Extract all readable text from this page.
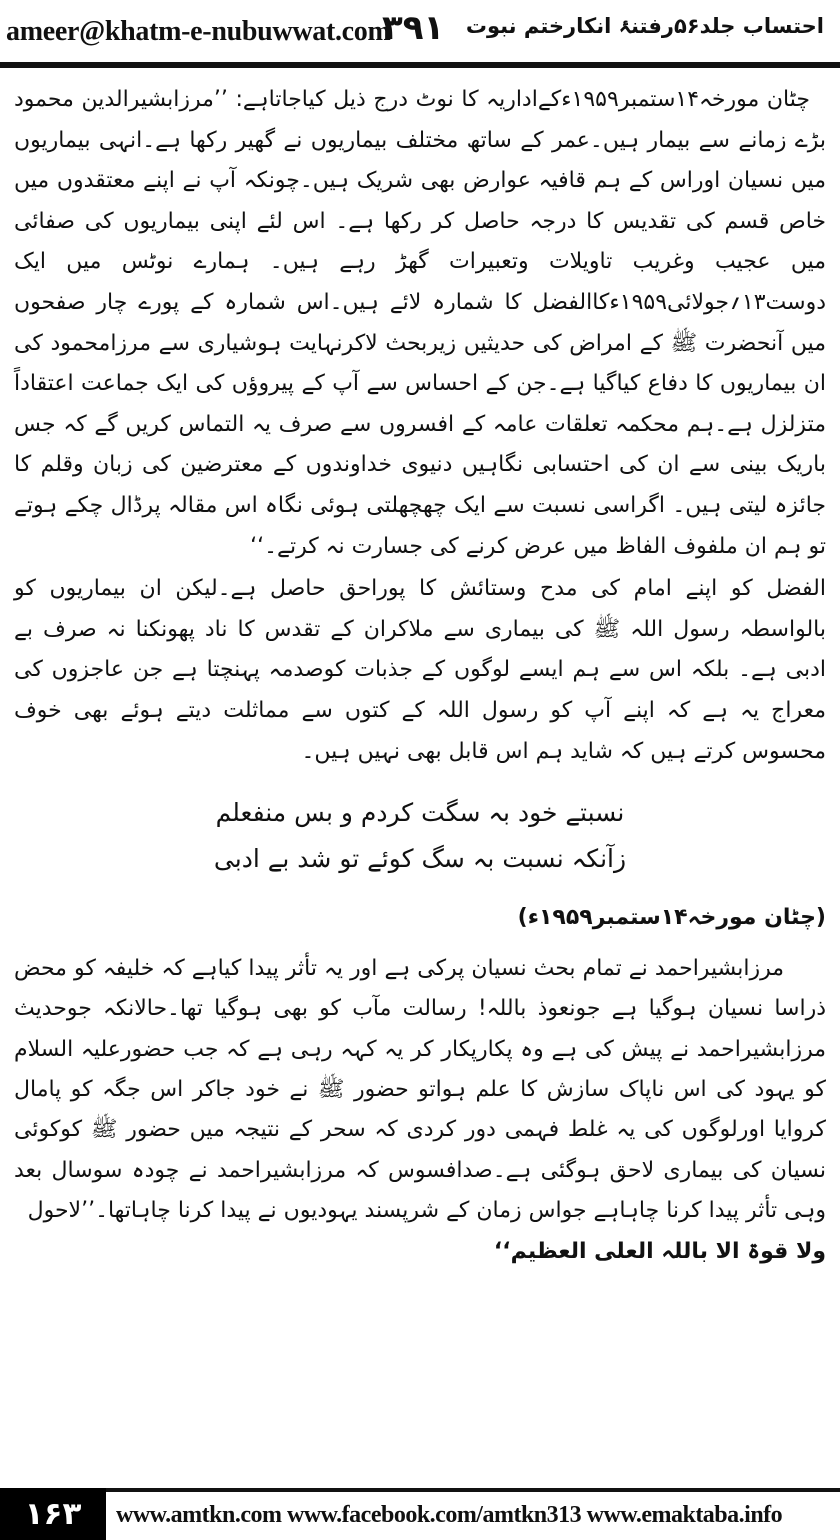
ameer@khatm-e-nubuwwat.com
۳۹۱ احتساب جلد۵۶رفتنۂ انکارختم نبوت

چٹان مورخہ۱۴ستمبر۱۹۵۹ءکےاداریہ کا نوٹ درج ذیل کیاجاتاہے: ’’مرزابشیرالدین محمود بڑے زمانے سے بیمار ہیں۔عمر کے ساتھ مختلف بیماریوں نے گھیر رکھا ہے۔انہی بیماریوں میں نسیان اوراس کے ہم قافیہ عوارض بھی شریک ہیں۔چونکہ آپ نے اپنے معتقدوں میں خاص قسم کی تقدیس کا درجہ حاصل کر رکھا ہے۔ اس لئے اپنی بیماریوں کی صفائی میں عجیب وغریب تاویلات وتعبیرات گھڑ رہے ہیں۔ ہمارے نوٹس میں ایک دوست۱۳؍جولائی۱۹۵۹ءکاالفضل کا شمارہ لائے ہیں۔اس شمارہ کے پورے چار صفحوں میں آنحضرت ﷺ کے امراض کی حدیثیں زیربحث لاکرنہایت ہوشیاری سے مرزامحمود کی ان بیماریوں کا دفاع کیاگیا ہے۔جن کے احساس سے آپ کے پیروؤں کی ایک جماعت اعتقاداً متزلزل ہے۔ہم محکمہ تعلقات عامہ کے افسروں سے صرف یہ التماس کریں گے کہ جس باریک بینی سے ان کی احتسابی نگاہیں دنیوی خداوندوں کے معترضین کی زبان وقلم کا جائزہ لیتی ہیں۔ اگراسی نسبت سے ایک چھچھلتی ہوئی نگاہ اس مقالہ پرڈال چکے ہوتے تو ہم ان ملفوف الفاظ میں عرض کرنے کی جسارت نہ کرتے۔‘‘

الفضل کو اپنے امام کی مدح وستائش کا پوراحق حاصل ہے۔لیکن ان بیماریوں کو بالواسطہ رسول اللہ ﷺ کی بیماری سے ملاکران کے تقدس کا ناد پھونکنا نہ صرف بے ادبی ہے۔ بلکہ اس سے ہم ایسے لوگوں کے جذبات کوصدمہ پہنچتا ہے جن عاجزوں کی معراج یہ ہے کہ اپنے آپ کو رسول اللہ کے کتوں سے مماثلت دیتے ہوئے بھی خوف محسوس کرتے ہیں کہ شاید ہم اس قابل بھی نہیں ہیں۔

نسبتے خود بہ سگت کردم و بس منفعلم
زآنکہ نسبت بہ سگ کوئے تو شد بے ادبی

(چٹان مورخہ۱۴ستمبر۱۹۵۹ء)

مرزابشیراحمد نے تمام بحث نسیان پرکی ہے اور یہ تأثر پیدا کیاہے کہ خلیفہ کو محض ذراسا نسیان ہوگیا ہے جونعوذ باللہ! رسالت مآب کو بھی ہوگیا تھا۔حالانکہ جوحدیث مرزابشیراحمد نے پیش کی ہے وہ پکارپکار کر یہ کہہ رہی ہے کہ جب حضورعلیہ السلام کو یہود کی اس ناپاک سازش کا علم ہواتو حضور ﷺ نے خود جاکر اس جگہ کو پامال کروایا اورلوگوں کی یہ غلط فہمی دور کردی کہ سحر کے نتیجہ میں حضور ﷺ کوکوئی نسیان کی بیماری لاحق ہوگئی ہے۔صدافسوس کہ مرزابشیراحمد نے چودہ سوسال بعد وہی تأثر پیدا کرنا چاہاہے جواس زمان کے شرپسند یہودیوں نے پیدا کرنا چاہاتھا۔’’لاحول

ولا قوۃ الا باللہ العلی العظیم‘‘

۱۶۳	www.amtkn.com www.facebook.com/amtkn313 www.emaktaba.info
